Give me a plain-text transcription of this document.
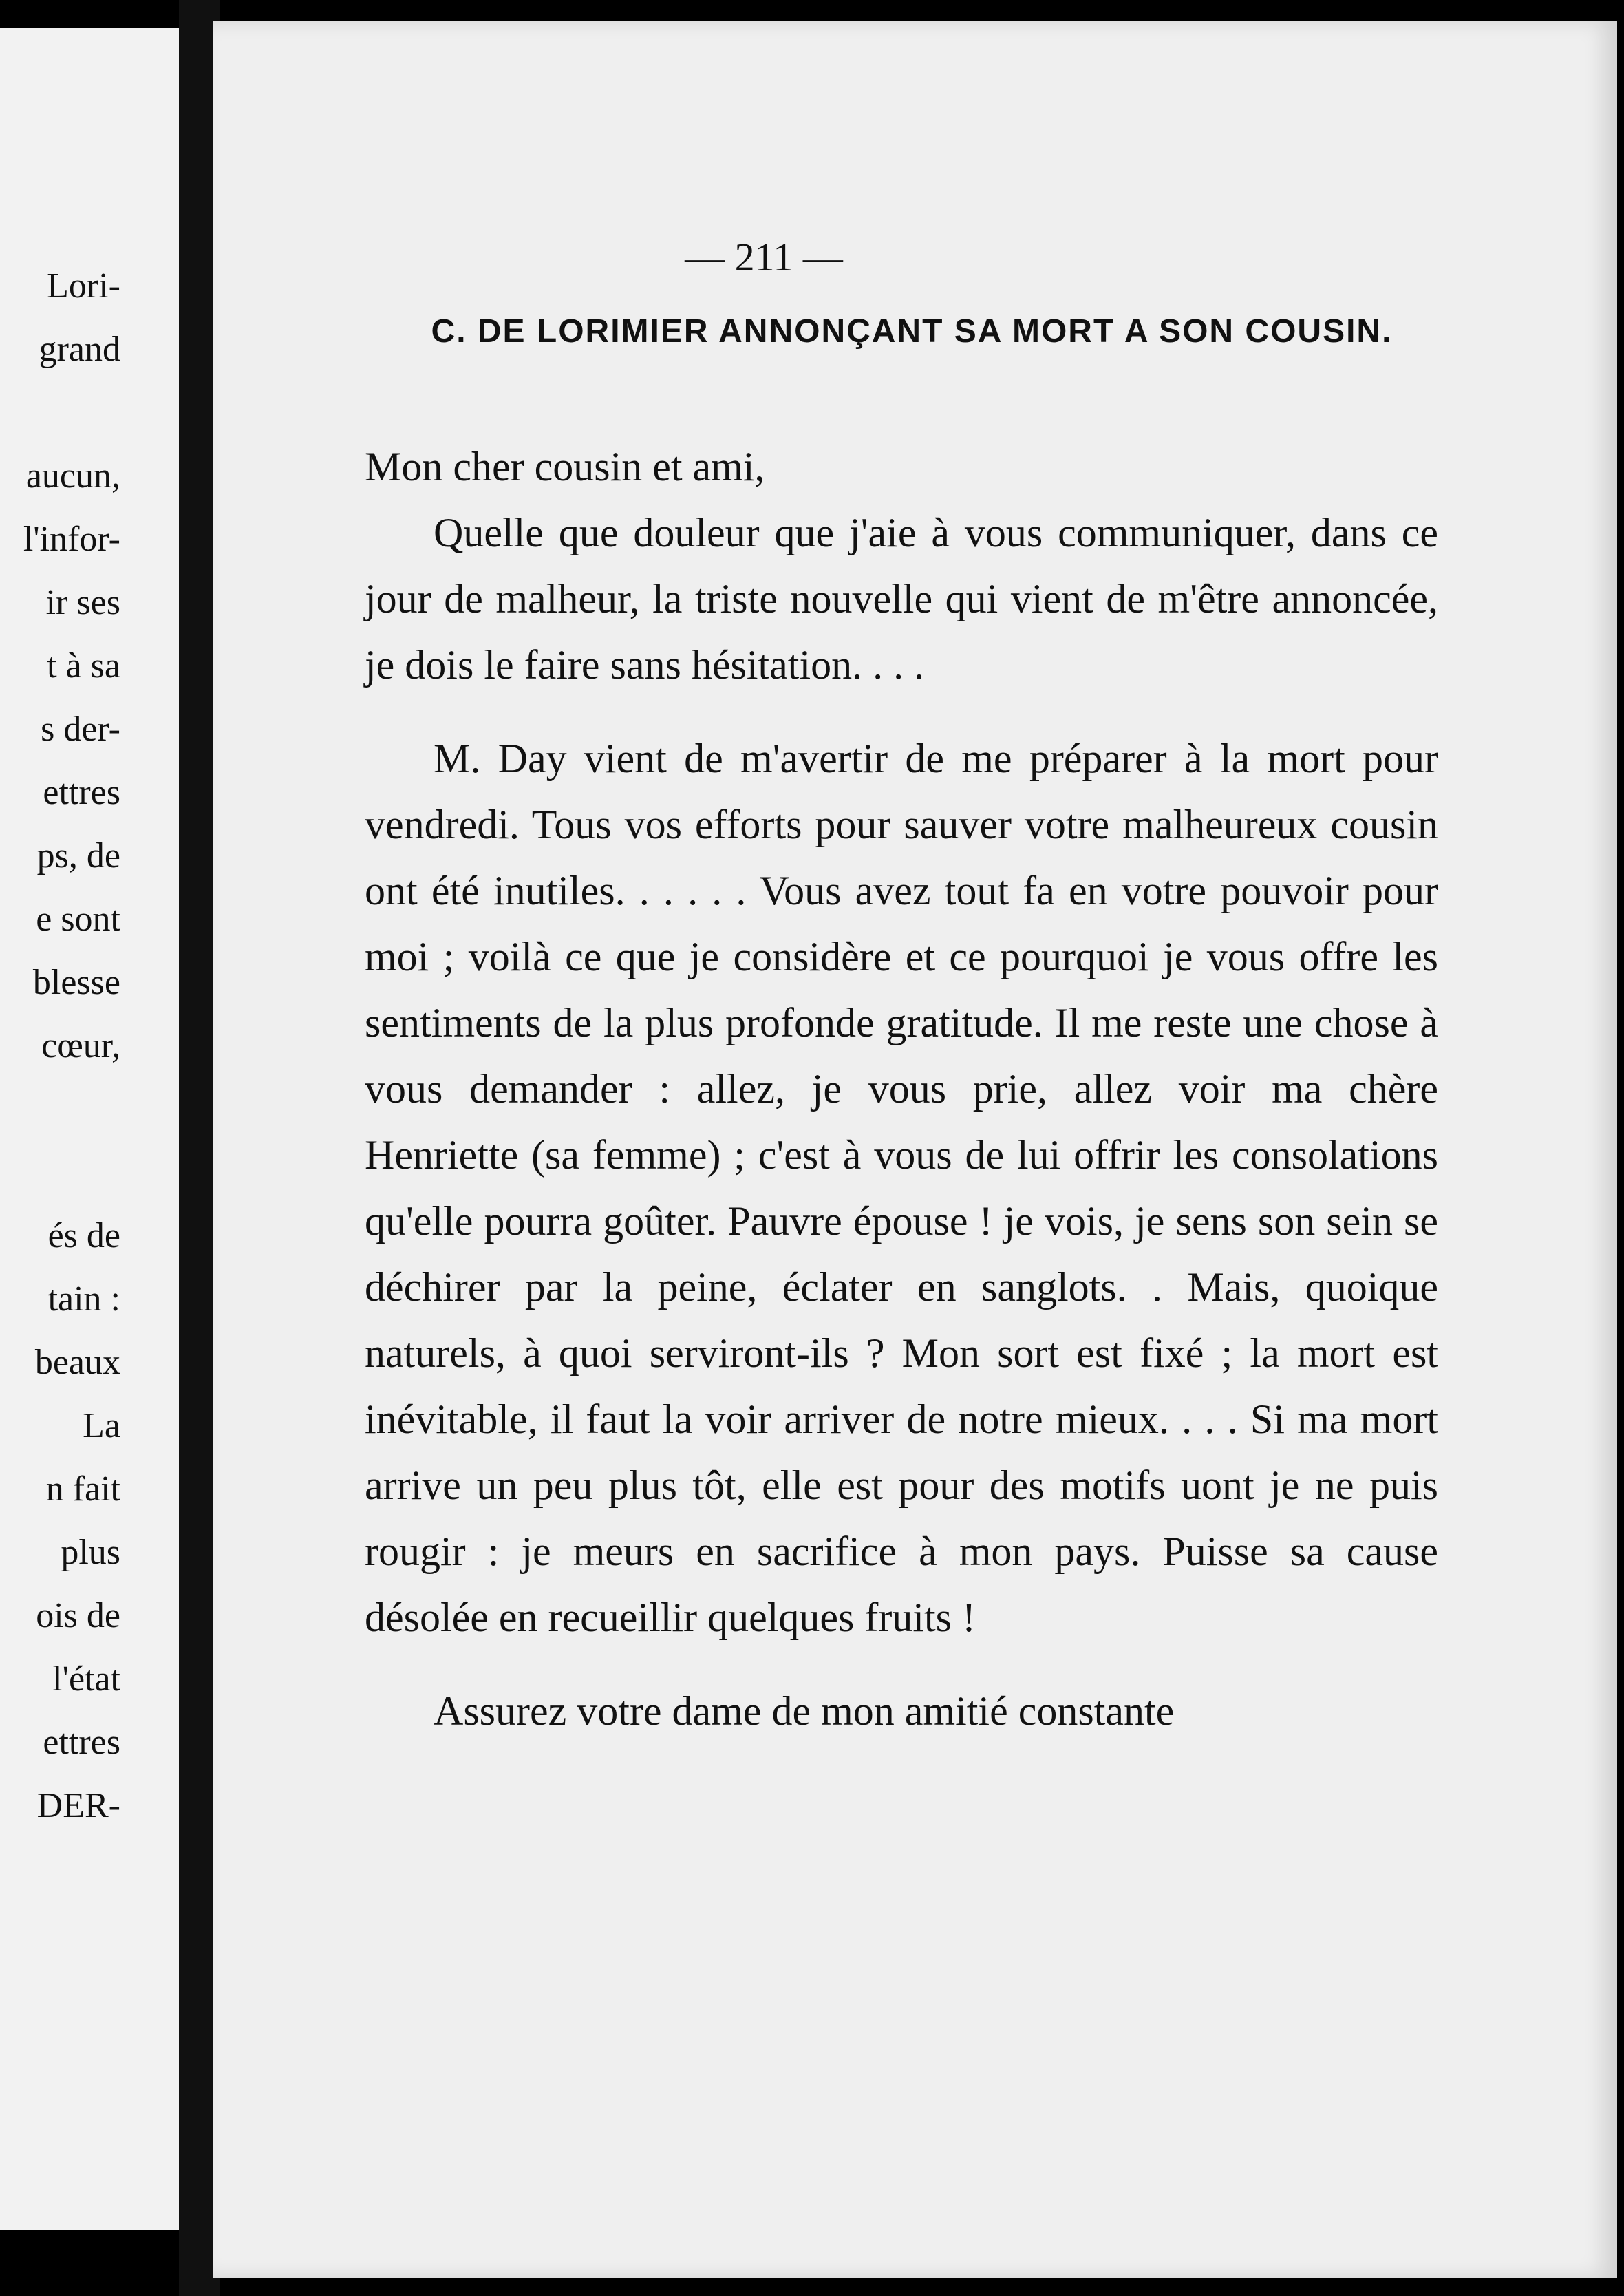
Lori-
grand
aucun,
l'infor-
ir ses
t à sa
s der-
ettres
ps, de
e sont
blesse
cœur,
és de
tain :
beaux
La
n fait
plus
ois de
l'état
ettres
DER-
— 211 —
C. DE LORIMIER ANNONÇANT SA MORT A SON COUSIN.

Mon cher cousin et ami,

Quelle que douleur que j'aie à vous communiquer, dans ce jour de malheur, la triste nouvelle qui vient de m'être annoncée, je dois le faire sans hésitation. . . .

M. Day vient de m'avertir de me préparer à la mort pour vendredi. Tous vos efforts pour sauver votre malheureux cousin ont été inutiles. . . . . . Vous avez tout fa en votre pouvoir pour moi ; voilà ce que je considère et ce pourquoi je vous offre les sentiments de la plus profonde gratitude. Il me reste une chose à vous demander : allez, je vous prie, allez voir ma chère Henriette (sa femme) ; c'est à vous de lui offrir les consolations qu'elle pourra goûter. Pauvre épouse ! je vois, je sens son sein se déchirer par la peine, éclater en sanglots. . Mais, quoique naturels, à quoi serviront-ils ? Mon sort est fixé ; la mort est inévitable, il faut la voir arriver de notre mieux. . . . Si ma mort arrive un peu plus tôt, elle est pour des motifs uont je ne puis rougir : je meurs en sacrifice à mon pays. Puisse sa cause désolée en recueillir quelques fruits !

Assurez votre dame de mon amitié constante
